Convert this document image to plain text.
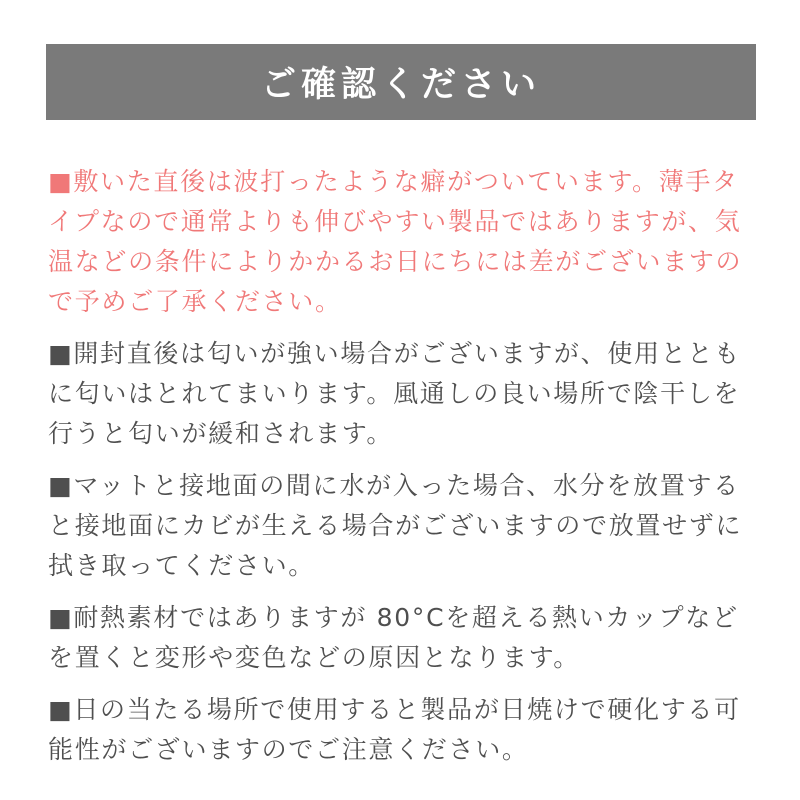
ご確認ください

■敷いた直後は波打ったような癖がついています。薄手タイプなので通常よりも伸びやすい製品ではありますが、気温などの条件によりかかるお日にちには差がございますので予めご了承ください。

■開封直後は匂いが強い場合がございますが、使用とともに匂いはとれてまいります。風通しの良い場所で陰干しを行うと匂いが緩和されます。

■マットと接地面の間に水が入った場合、水分を放置すると接地面にカビが生える場合がございますので放置せずに拭き取ってください。

■耐熱素材ではありますが 80°Cを超える熱いカップなどを置くと変形や変色などの原因となります。

■日の当たる場所で使用すると製品が日焼けで硬化する可能性がございますのでご注意ください。
